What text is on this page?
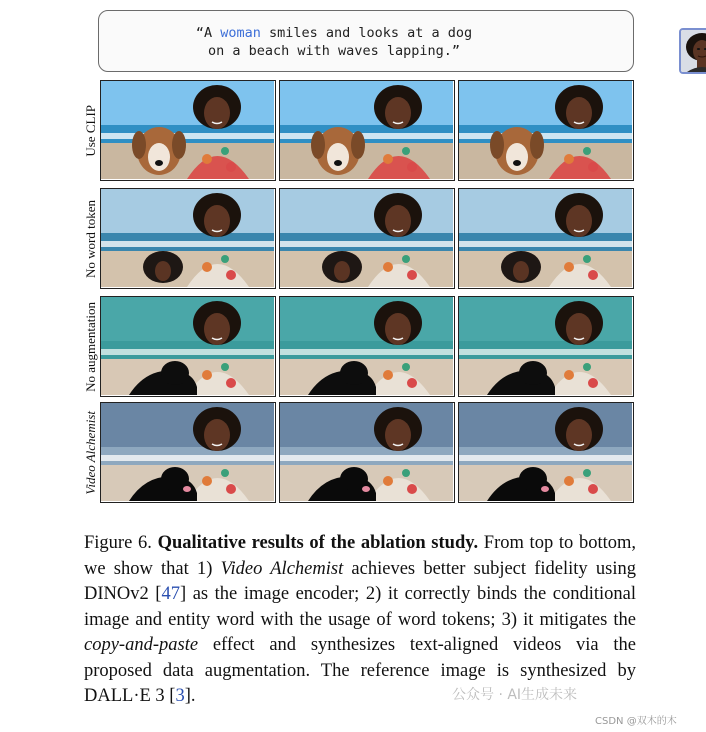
“A woman smiles and looks at a dog
on a beach with waves lapping.”
Use CLIP
No word token
No augmentation
Video Alchemist
Figure 6. Qualitative results of the ablation study. From top to bottom, we show that 1) Video Alchemist achieves better subject fidelity using DINOv2 [47] as the image encoder; 2) it correctly binds the conditional image and entity word with the usage of word tokens; 3) it mitigates the copy-and-paste effect and synthesizes text-aligned videos via the proposed data augmentation. The reference image is synthesized by DALL·E 3 [3].	公众号 · AI生成未来
CSDN @双木的木
